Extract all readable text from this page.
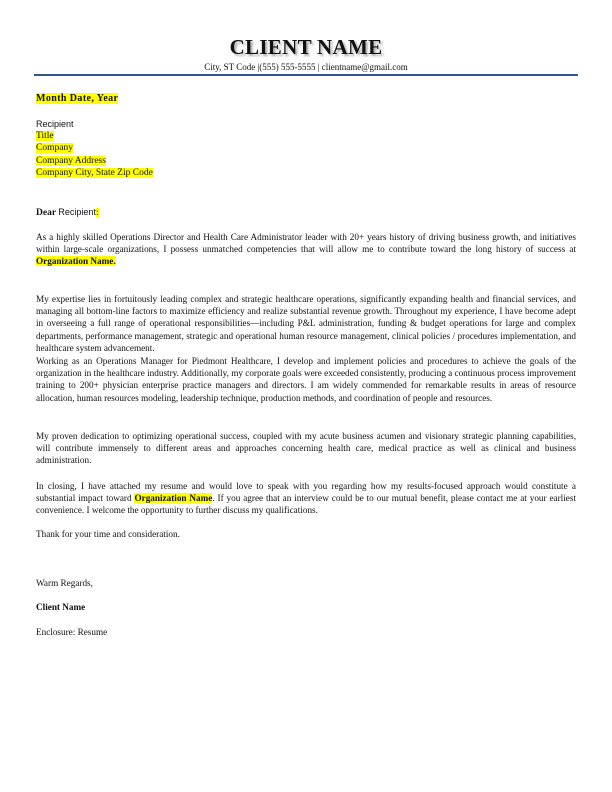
CLIENT NAME
City, ST Code |(555) 555-5555 | clientname@gmail.com
Month Date, Year
Recipient
Title
Company
Company Address
Company City, State Zip Code
Dear Recipient:
As a highly skilled Operations Director and Health Care Administrator leader with 20+ years history of driving business growth, and initiatives within large-scale organizations, I possess unmatched competencies that will allow me to contribute toward the long history of success at Organization Name.
My expertise lies in fortuitously leading complex and strategic healthcare operations, significantly expanding health and financial services, and managing all bottom-line factors to maximize efficiency and realize substantial revenue growth. Throughout my experience, I have become adept in overseeing a full range of operational responsibilities—including P&L administration, funding & budget operations for large and complex departments, performance management, strategic and operational human resource management, clinical policies / procedures implementation, and healthcare system advancement.
Working as an Operations Manager for Piedmont Healthcare, I develop and implement policies and procedures to achieve the goals of the organization in the healthcare industry. Additionally, my corporate goals were exceeded consistently, producing a continuous process improvement training to 200+ physician enterprise practice managers and directors. I am widely commended for remarkable results in areas of resource allocation, human resources modeling, leadership technique, production methods, and coordination of people and resources.
My proven dedication to optimizing operational success, coupled with my acute business acumen and visionary strategic planning capabilities, will contribute immensely to different areas and approaches concerning health care, medical practice as well as clinical and business administration.
In closing, I have attached my resume and would love to speak with you regarding how my results-focused approach would constitute a substantial impact toward Organization Name. If you agree that an interview could be to our mutual benefit, please contact me at your earliest convenience. I welcome the opportunity to further discuss my qualifications.
Thank for your time and consideration.
Warm Regards,
Client Name
Enclosure: Resume
